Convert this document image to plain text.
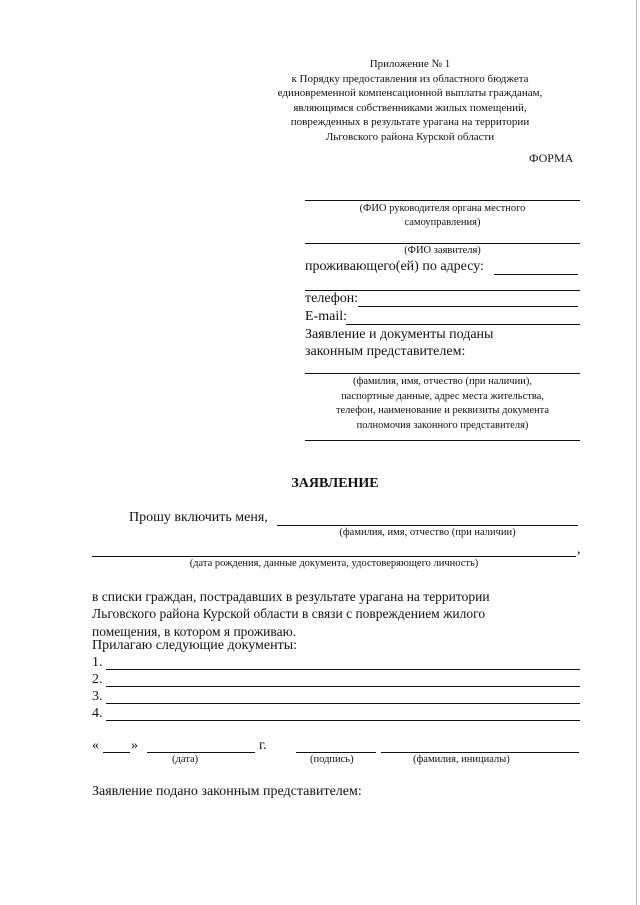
Приложение № 1
к Порядку предоставления из областного бюджета
единовременной компенсационной выплаты гражданам,
являющимся собственниками жилых помещений,
поврежденных в результате урагана на территории
Льговского района Курской области
ФОРМА
(ФИО руководителя органа местного
самоуправления)
(ФИО заявителя)
проживающего(ей) по адресу:
телефон:
E-mail:
Заявление и документы поданы
законным представителем:
(фамилия, имя, отчество (при наличии),
паспортные данные, адрес места жительства,
телефон, наименование и реквизиты документа
полномочия законного представителя)
ЗАЯВЛЕНИЕ
Прошу включить меня,
(фамилия, имя, отчество (при наличии)
,
(дата рождения, данные документа, удостоверяющего личность)
в списки граждан, пострадавших в результате урагана на территории
Льговского района Курской области в связи с повреждением жилого
помещения, в котором я проживаю.
Прилагаю следующие документы:
1.
2.
3.
4.
« »	г.
(дата)	(подпись)	(фамилия, инициалы)
Заявление подано законным представителем:
